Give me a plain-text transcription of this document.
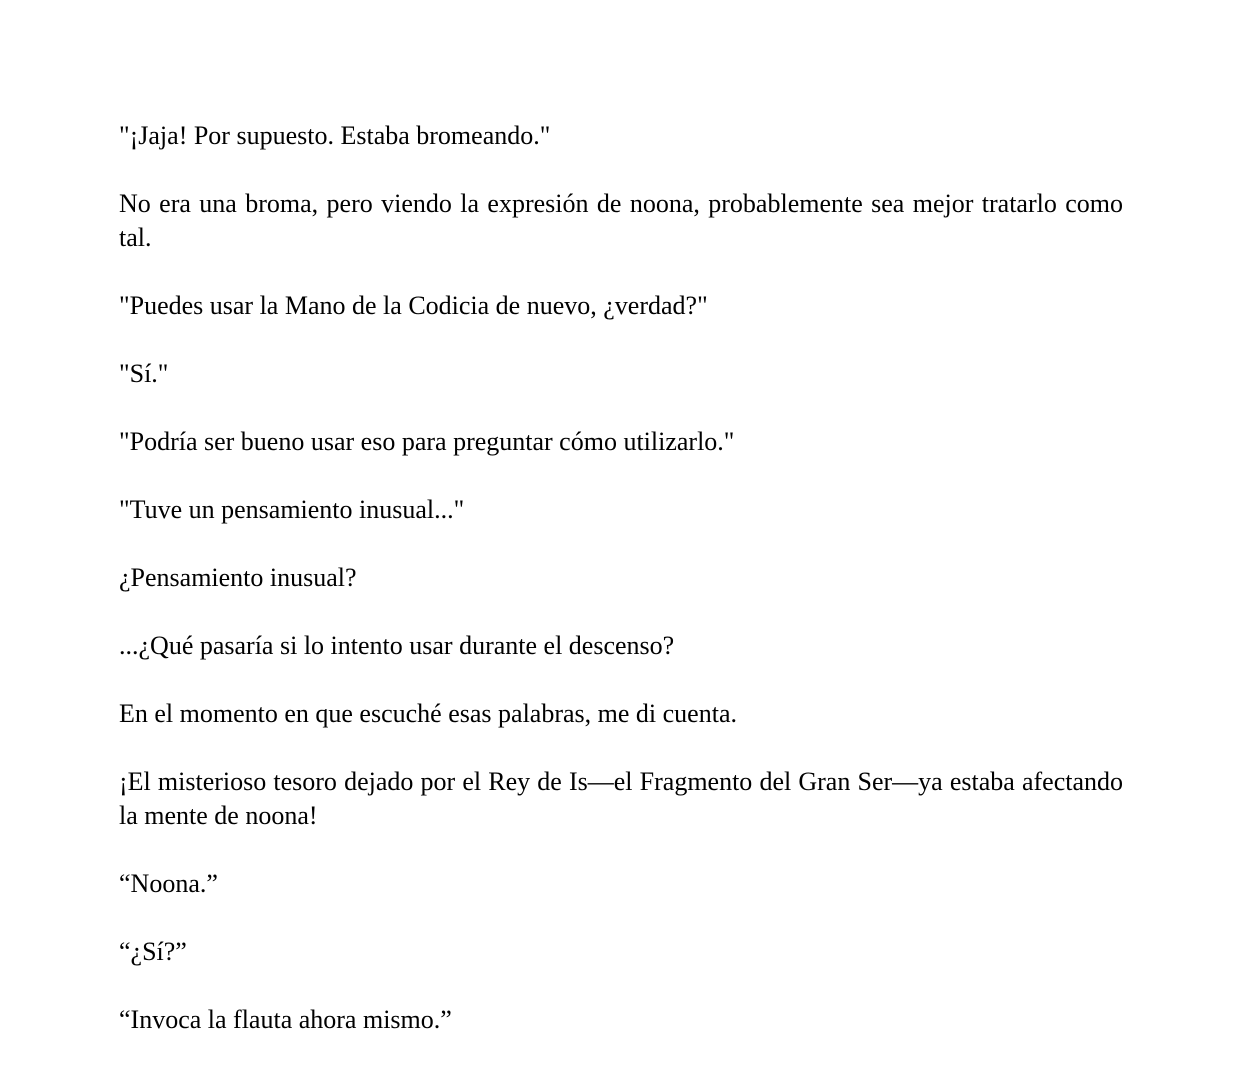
"¡Jaja! Por supuesto. Estaba bromeando."

No era una broma, pero viendo la expresión de noona, probablemente sea mejor tratarlo como tal.

"Puedes usar la Mano de la Codicia de nuevo, ¿verdad?"

"Sí."

"Podría ser bueno usar eso para preguntar cómo utilizarlo."

"Tuve un pensamiento inusual..."

¿Pensamiento inusual?

...¿Qué pasaría si lo intento usar durante el descenso?

En el momento en que escuché esas palabras, me di cuenta.

¡El misterioso tesoro dejado por el Rey de Is—el Fragmento del Gran Ser—ya estaba afectando la mente de noona!

“Noona.”

“¿Sí?”

“Invoca la flauta ahora mismo.”
